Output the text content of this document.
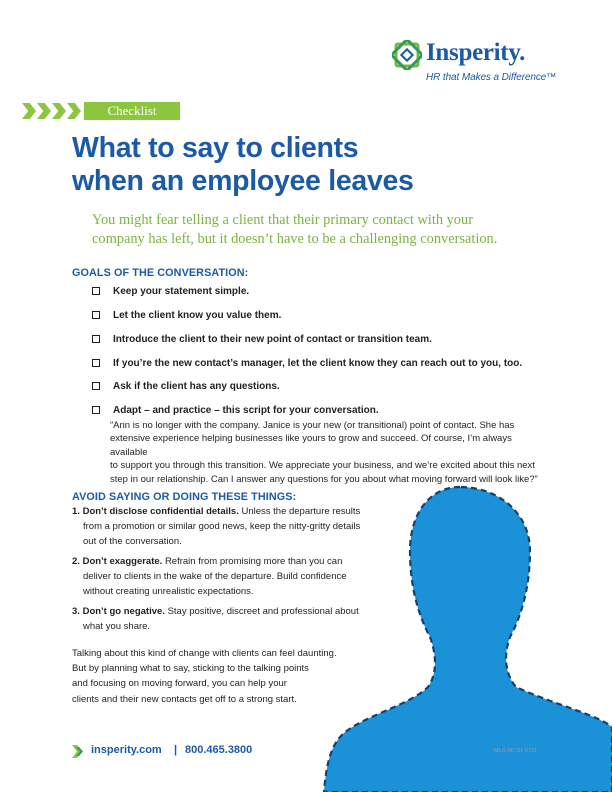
Insperity.
HR that Makes a Difference™
Checklist
What to say to clients
when an employee leaves
You might fear telling a client that their primary contact with your company has left, but it doesn’t have to be a challenging conversation.
GOALS OF THE CONVERSATION:
Keep your statement simple.
Let the client know you value them.
Introduce the client to their new point of contact or transition team.
If you’re the new contact’s manager, let the client know they can reach out to you, too.
Ask if the client has any questions.
Adapt – and practice – this script for your conversation.
“Ann is no longer with the company. Janice is your new (or transitional) point of contact. She has
extensive experience helping businesses like yours to grow and succeed. Of course, I’m always available
to support you through this transition. We appreciate your business, and we’re excited about this next
step in our relationship. Can I answer any questions for you about what moving forward will look like?”
AVOID SAYING OR DOING THESE THINGS:
1. Don’t disclose confidential details. Unless the departure results
from a promotion or similar good news, keep the nitty-gritty details
out of the conversation.
2. Don’t exaggerate. Refrain from promising more than you can
deliver to clients in the wake of the departure. Build confidence
without creating unrealistic expectations.
3. Don’t go negative. Stay positive, discreet and professional about
what you share.
Talking about this kind of change with clients can feel daunting.
But by planning what to say, sticking to the talking points
and focusing on moving forward, you can help your
clients and their new contacts get off to a strong start.
insperity.com | 800.465.3800	MLG-00731-0721
